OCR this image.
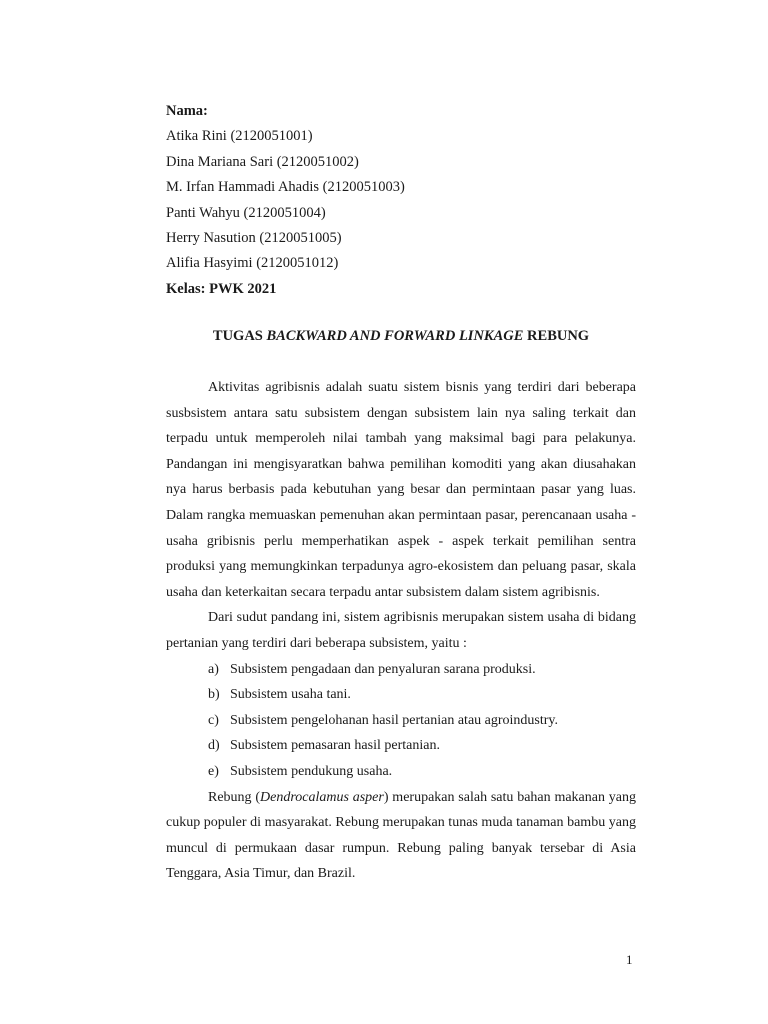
Nama:
Atika Rini (2120051001)
Dina Mariana Sari (2120051002)
M. Irfan Hammadi Ahadis (2120051003)
Panti Wahyu (2120051004)
Herry Nasution (2120051005)
Alifia Hasyimi (2120051012)
Kelas: PWK 2021
TUGAS BACKWARD AND FORWARD LINKAGE REBUNG

Aktivitas agribisnis adalah suatu sistem bisnis yang terdiri dari beberapa susbsistem antara satu subsistem dengan subsistem lain nya saling terkait dan terpadu untuk memperoleh nilai tambah yang maksimal bagi para pelakunya. Pandangan ini mengisyaratkan bahwa pemilihan komoditi yang akan diusahakan nya harus berbasis pada kebutuhan yang besar dan permintaan pasar yang luas. Dalam rangka memuaskan pemenuhan akan permintaan pasar, perencanaan usaha - usaha gribisnis perlu memperhatikan aspek - aspek terkait pemilihan sentra produksi yang memungkinkan terpadunya agro-ekosistem dan peluang pasar, skala usaha dan keterkaitan secara terpadu antar subsistem dalam sistem agribisnis.

Dari sudut pandang ini, sistem agribisnis merupakan sistem usaha di bidang pertanian yang terdiri dari beberapa subsistem, yaitu :

a) Subsistem pengadaan dan penyaluran sarana produksi.
b) Subsistem usaha tani.
c) Subsistem pengelohanan hasil pertanian atau agroindustry.
d) Subsistem pemasaran hasil pertanian.
e) Subsistem pendukung usaha.

Rebung (Dendrocalamus asper) merupakan salah satu bahan makanan yang cukup populer di masyarakat. Rebung merupakan tunas muda tanaman bambu yang muncul di permukaan dasar rumpun. Rebung paling banyak tersebar di Asia Tenggara, Asia Timur, dan Brazil.

1
